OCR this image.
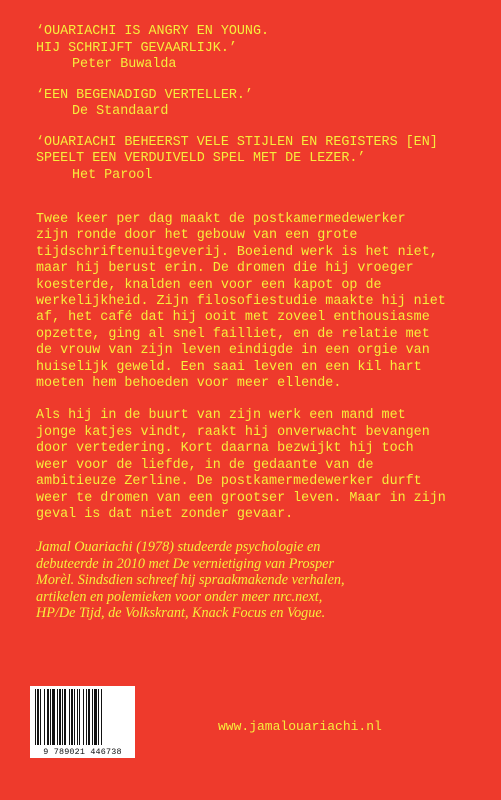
‘OUARIACHI IS ANGRY EN YOUNG.
HIJ SCHRIJFT GEVAARLIJK.’
Peter Buwalda
‘EEN BEGENADIGD VERTELLER.’
De Standaard
‘OUARIACHI BEHEERST VELE STIJLEN EN REGISTERS [EN]
SPEELT EEN VERDUIVELD SPEL MET DE LEZER.’
Het Parool

Twee keer per dag maakt de postkamermedewerker
zijn ronde door het gebouw van een grote
tijdschriftenuitgeverij. Boeiend werk is het niet,
maar hij berust erin. De dromen die hij vroeger
koesterde, knalden een voor een kapot op de
werkelijkheid. Zijn filosofiestudie maakte hij niet
af, het café dat hij ooit met zoveel enthousiasme
opzette, ging al snel failliet, en de relatie met
de vrouw van zijn leven eindigde in een orgie van
huiselijk geweld. Een saai leven en een kil hart
moeten hem behoeden voor meer ellende.

Als hij in de buurt van zijn werk een mand met
jonge katjes vindt, raakt hij onverwacht bevangen
door vertedering. Kort daarna bezwijkt hij toch
weer voor de liefde, in de gedaante van de
ambitieuze Zerline. De postkamermedewerker durft
weer te dromen van een grootser leven. Maar in zijn
geval is dat niet zonder gevaar.

Jamal Ouariachi (1978) studeerde psychologie en
debuteerde in 2010 met De vernietiging van Prosper
Morèl. Sindsdien schreef hij spraakmakende verhalen,
artikelen en polemieken voor onder meer nrc.next,
HP/De Tijd, de Volkskrant, Knack Focus en Vogue.

9 789021 446738
www.jamalouariachi.nl
